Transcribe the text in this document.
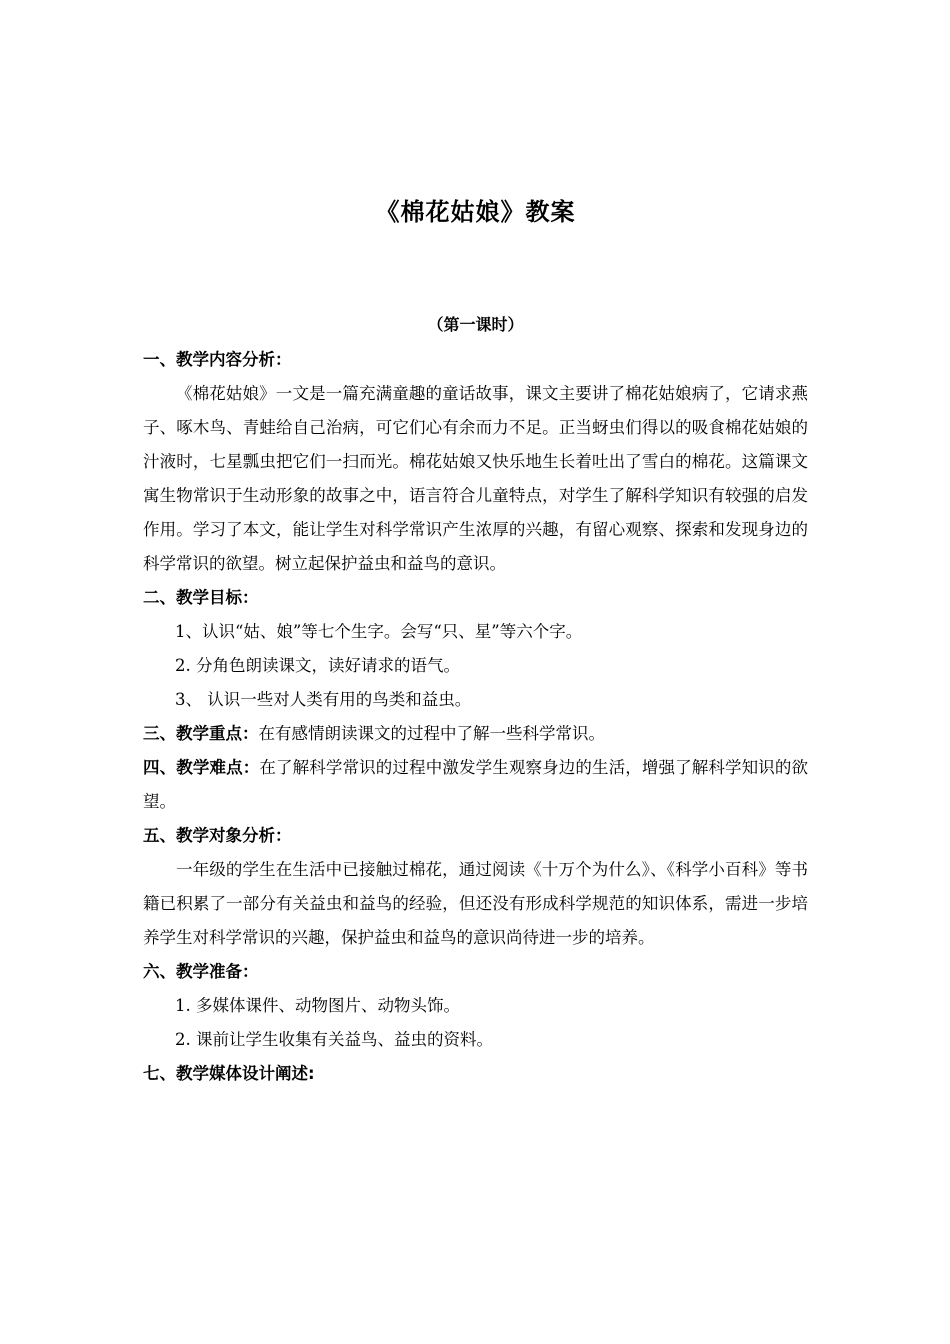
《棉花姑娘》教案
（第一课时）
一、教学内容分析：
《棉花姑娘》一文是一篇充满童趣的童话故事，课文主要讲了棉花姑娘病了，它请求燕子、啄木鸟、青蛙给自己治病，可它们心有余而力不足。正当蚜虫们得以的吸食棉花姑娘的汁液时，七星瓢虫把它们一扫而光。棉花姑娘又快乐地生长着吐出了雪白的棉花。这篇课文寓生物常识于生动形象的故事之中，语言符合儿童特点，对学生了解科学知识有较强的启发作用。学习了本文，能让学生对科学常识产生浓厚的兴趣，有留心观察、探索和发现身边的科学常识的欲望。树立起保护益虫和益鸟的意识。
二、教学目标：
1、认识“姑、娘”等七个生字。会写“只、星”等六个字。
2. 分角色朗读课文，读好请求的语气。
3、 认识一些对人类有用的鸟类和益虫。
三、教学重点：在有感情朗读课文的过程中了解一些科学常识。
四、教学难点：在了解科学常识的过程中激发学生观察身边的生活，增强了解科学知识的欲望。
五、教学对象分析：
一年级的学生在生活中已接触过棉花，通过阅读《十万个为什么》、《科学小百科》等书籍已积累了一部分有关益虫和益鸟的经验，但还没有形成科学规范的知识体系，需进一步培养学生对科学常识的兴趣，保护益虫和益鸟的意识尚待进一步的培养。
六、教学准备：
1. 多媒体课件、动物图片、动物头饰。
2. 课前让学生收集有关益鸟、益虫的资料。
七、教学媒体设计阐述:
